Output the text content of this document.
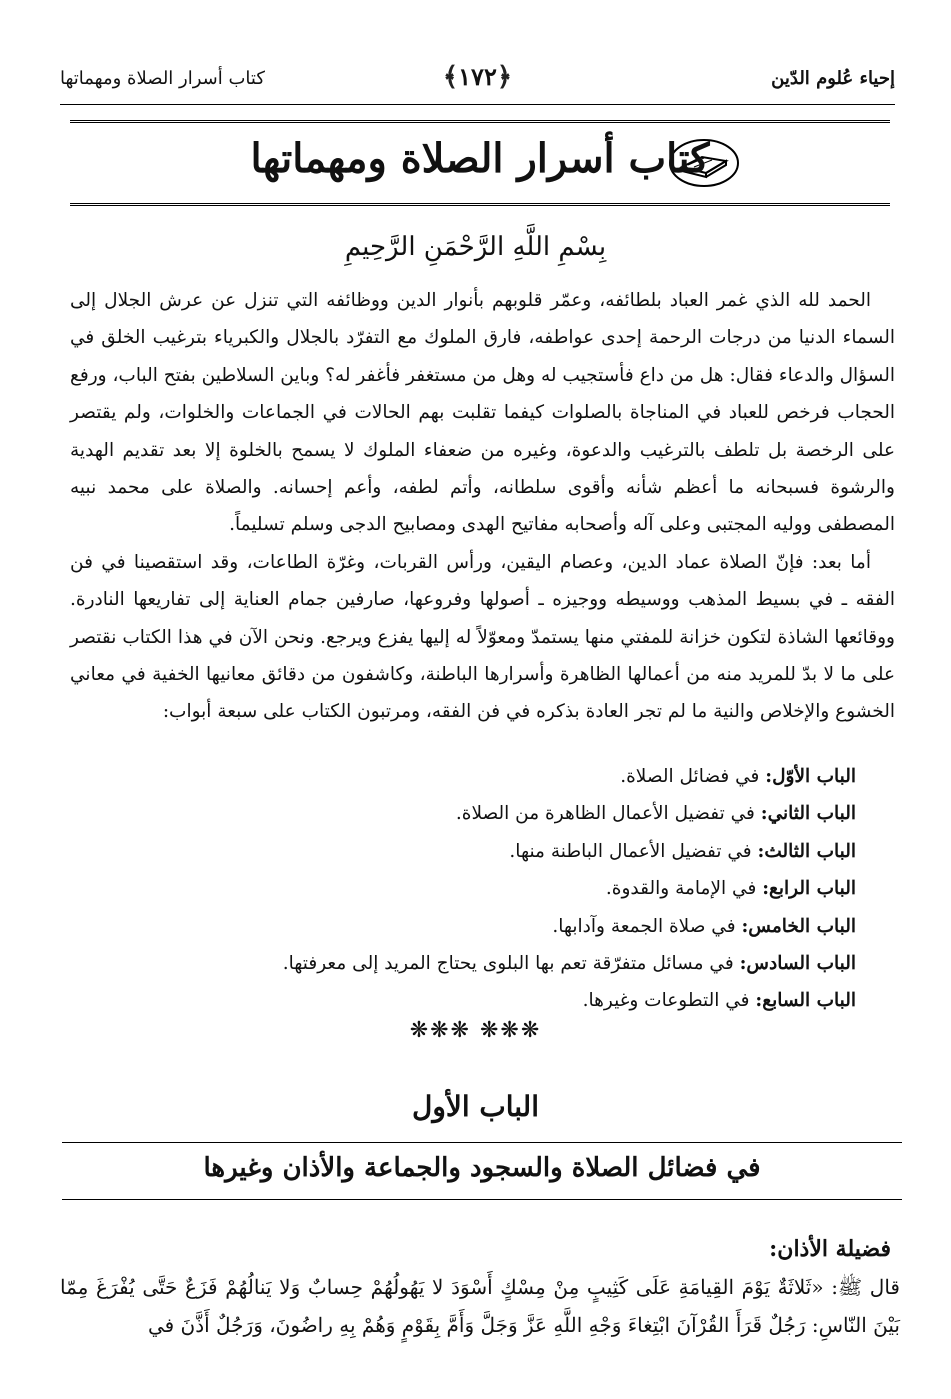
إحياء عُلوم الدّين
﴿١٧٢﴾
كتاب أسرار الصلاة ومهماتها
كتاب أسرار الصلاة ومهماتها
بِسْمِ اللَّهِ الرَّحْمَنِ الرَّحِيمِ

الحمد لله الذي غمر العباد بلطائفه، وعمّر قلوبهم بأنوار الدين ووظائفه التي تنزل عن عرش الجلال إلى السماء الدنيا من درجات الرحمة إحدى عواطفه، فارق الملوك مع التفرّد بالجلال والكبرياء بترغيب الخلق في السؤال والدعاء فقال: هل من داع فأستجيب له وهل من مستغفر فأغفر له؟ وباين السلاطين بفتح الباب، ورفع الحجاب فرخص للعباد في المناجاة بالصلوات كيفما تقلبت بهم الحالات في الجماعات والخلوات، ولم يقتصر على الرخصة بل تلطف بالترغيب والدعوة، وغيره من ضعفاء الملوك لا يسمح بالخلوة إلا بعد تقديم الهدية والرشوة فسبحانه ما أعظم شأنه وأقوى سلطانه، وأتم لطفه، وأعم إحسانه. والصلاة على محمد نبيه المصطفى ووليه المجتبى وعلى آله وأصحابه مفاتيح الهدى ومصابيح الدجى وسلم تسليماً.

أما بعد: فإنّ الصلاة عماد الدين، وعصام اليقين، ورأس القربات، وغرّة الطاعات، وقد استقصينا في فن الفقه ـ في بسيط المذهب ووسيطه ووجيزه ـ أصولها وفروعها، صارفين جمام العناية إلى تفاريعها النادرة. ووقائعها الشاذة لتكون خزانة للمفتي منها يستمدّ ومعوّلاً له إليها يفزع ويرجع. ونحن الآن في هذا الكتاب نقتصر على ما لا بدّ للمريد منه من أعمالها الظاهرة وأسرارها الباطنة، وكاشفون من دقائق معانيها الخفية في معاني الخشوع والإخلاص والنية ما لم تجر العادة بذكره في فن الفقه، ومرتبون الكتاب على سبعة أبواب:

الباب الأوّل: في فضائل الصلاة.
الباب الثاني: في تفضيل الأعمال الظاهرة من الصلاة.
الباب الثالث: في تفضيل الأعمال الباطنة منها.
الباب الرابع: في الإمامة والقدوة.
الباب الخامس: في صلاة الجمعة وآدابها.
الباب السادس: في مسائل متفرّقة تعم بها البلوى يحتاج المريد إلى معرفتها.
الباب السابع: في التطوعات وغيرها.
❋❋❋ ❋❋❋
الباب الأول
في فضائل الصلاة والسجود والجماعة والأذان وغيرها
فضيلة الأذان:
قال ﷺ: «ثَلاثَةٌ يَوْمَ القِيامَةِ عَلَى كَثِيبٍ مِنْ مِسْكٍ أَسْوَدَ لا يَهُولُهُمْ حِسابٌ وَلا يَنالُهُمْ فَزَعٌ حَتَّى يُفْرَغَ مِمّا بَيْنَ النّاسِ: رَجُلٌ قَرَأَ القُرْآنَ ابْتِغاءَ وَجْهِ اللَّهِ عَزَّ وَجَلَّ وَأَمَّ بِقَوْمٍ وَهُمْ بِهِ راضُونَ، وَرَجُلٌ أَذَّنَ في
